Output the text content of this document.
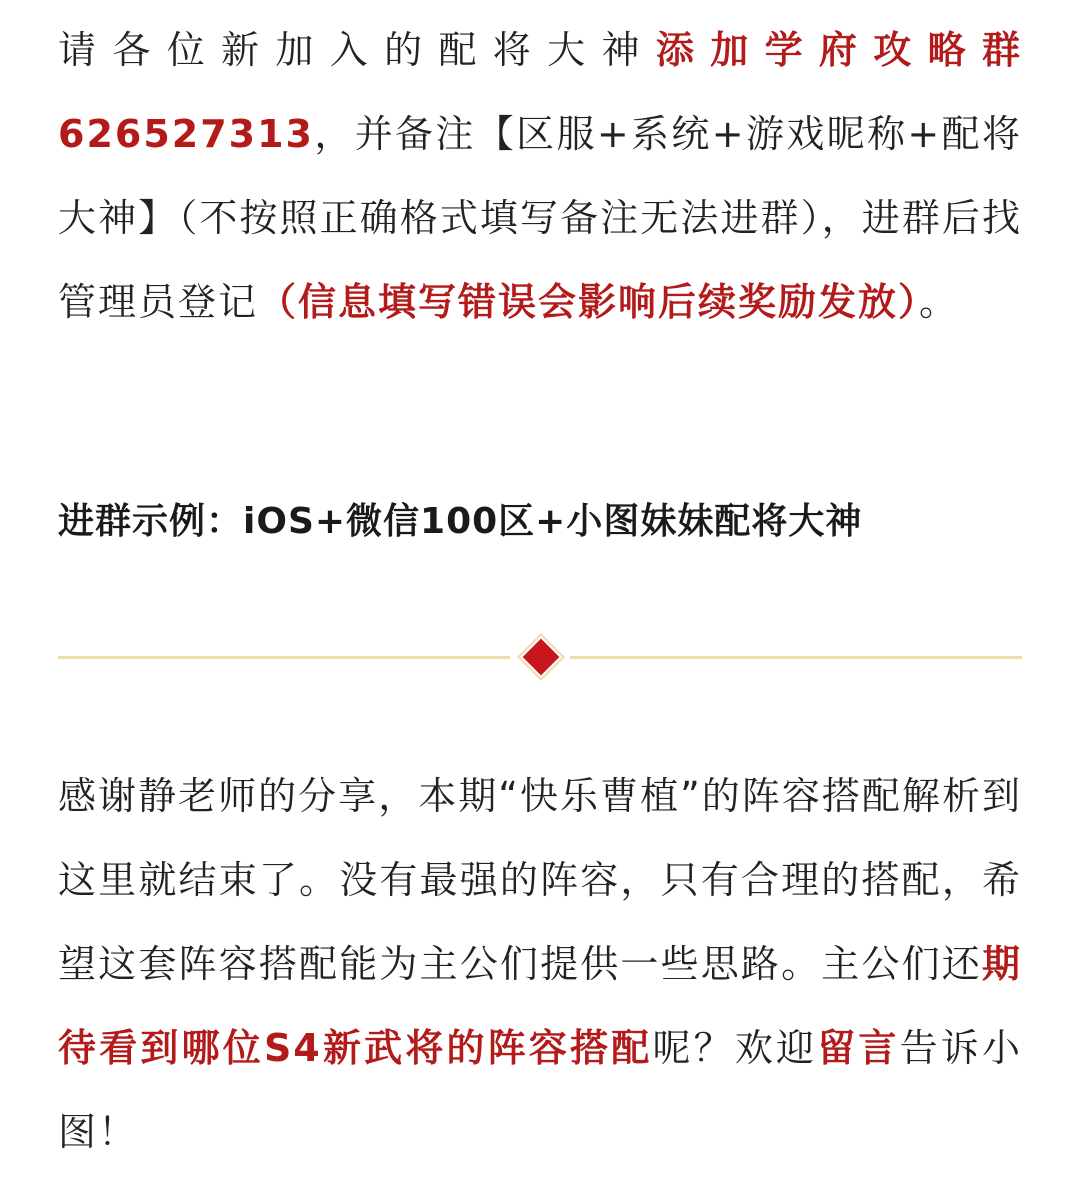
请各位新加入的配将大神添加学府攻略群626527313，并备注【区服+系统+游戏昵称+配将大神】（不按照正确格式填写备注无法进群），进群后找管理员登记（信息填写错误会影响后续奖励发放）。

进群示例：iOS+微信100区+小图妹妹配将大神

感谢静老师的分享，本期“快乐曹植”的阵容搭配解析到这里就结束了。没有最强的阵容，只有合理的搭配，希望这套阵容搭配能为主公们提供一些思路。主公们还期待看到哪位S4新武将的阵容搭配呢？欢迎留言告诉小图！
